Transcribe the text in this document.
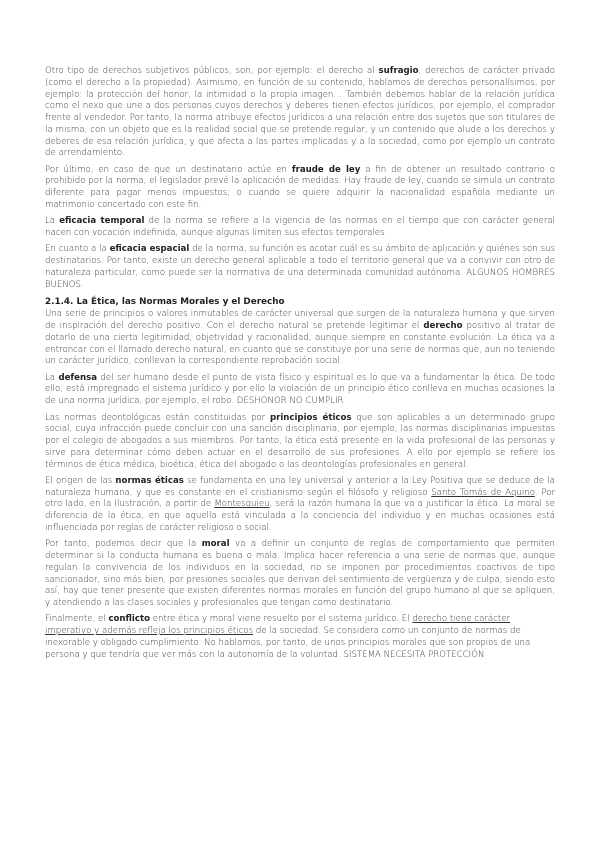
Otro tipo de derechos subjetivos públicos, son, por ejemplo: el derecho al sufragio, derechos de carácter privado (como el derecho a la propiedad). Asimismo, en función de su contenido, hablamos de derechos personalísimos, por ejemplo: la protección del honor, la intimidad o la propia imagen… También debemos hablar de la relación jurídica como el nexo que une a dos personas cuyos derechos y deberes tienen efectos jurídicos, por ejemplo, el comprador frente al vendedor. Por tanto, la norma atribuye efectos jurídicos a una relación entre dos sujetos que son titulares de la misma, con un objeto que es la realidad social que se pretende regular, y un contenido que alude a los derechos y deberes de esa relación jurídica, y que afecta a las partes implicadas y a la sociedad, como por ejemplo un contrato de arrendamiento.

Por último, en caso de que un destinatario actúe en fraude de ley a fin de obtener un resultado contrario o prohibido por la norma, el legislador prevé la aplicación de medidas. Hay fraude de ley, cuando se simula un contrato diferente para pagar menos impuestos; o cuando se quiere adquirir la nacionalidad española mediante un matrimonio concertado con este fin.

La eficacia temporal de la norma se refiere a la vigencia de las normas en el tiempo que con carácter general nacen con vocación indefinida, aunque algunas limiten sus efectos temporales.

En cuanto a la eficacia espacial de la norma, su función es acotar cuál es su ámbito de aplicación y quiénes son sus destinatarios. Por tanto, existe un derecho general aplicable a todo el territorio general que va a convivir con otro de naturaleza particular, como puede ser la normativa de una determinada comunidad autónoma. ALGUNOS HOMBRES BUENOS.

2.1.4. La Ética, las Normas Morales y el Derecho

Una serie de principios o valores inmutables de carácter universal que surgen de la naturaleza humana y que sirven de inspiración del derecho positivo. Con el derecho natural se pretende legitimar el derecho positivo al tratar de dotarlo de una cierta legitimidad, objetividad y racionalidad, aunque siempre en constante evolución. La ética va a entroncar con el llamado derecho natural, en cuanto que se constituye por una serie de normas que, aun no teniendo un carácter jurídico, conllevan la correspondiente reprobación social.

La defensa del ser humano desde el punto de vista físico y espiritual es lo que va a fundamentar la ética. De todo ello, está impregnado el sistema jurídico y por ello la violación de un principio ético conlleva en muchas ocasiones la de una norma jurídica, por ejemplo, el robo. DESHONOR NO CUMPLIR

Las normas deontológicas están constituidas por principios éticos que son aplicables a un determinado grupo social, cuya infracción puede concluir con una sanción disciplinaria, por ejemplo, las normas disciplinarias impuestas por el colegio de abogados a sus miembros. Por tanto, la ética está presente en la vida profesional de las personas y sirve para determinar cómo deben actuar en el desarrollo de sus profesiones. A ello por ejemplo se refiere los términos de ética médica, bioética, ética del abogado o las deontologías profesionales en general.

El origen de las normas éticas se fundamenta en una ley universal y anterior a la Ley Positiva que se deduce de la naturaleza humana, y que es constante en el cristianismo según el filósofo y religioso Santo Tomás de Aquino. Por otro lado, en la Ilustración, a partir de Montesquieu, será la razón humana la que va a justificar la ética. La moral se diferencia de la ética, en que aquella está vinculada a la conciencia del individuo y en muchas ocasiones está influenciada por reglas de carácter religioso o social.

Por tanto, podemos decir que la moral va a definir un conjunto de reglas de comportamiento que permiten determinar si la conducta humana es buena o mala. Implica hacer referencia a una serie de normas que, aunque regulan la convivencia de los individuos en la sociedad, no se imponen por procedimientos coactivos de tipo sancionador, sino más bien, por presiones sociales que derivan del sentimiento de vergüenza y de culpa, siendo esto así, hay que tener presente que existen diferentes normas morales en función del grupo humano al que se apliquen, y atendiendo a las clases sociales y profesionales que tengan como destinatario.

Finalmente, el conflicto entre ética y moral viene resuelto por el sistema jurídico. El derecho tiene carácter imperativo y además refleja los principios éticos de la sociedad. Se considera como un conjunto de normas de inexorable y obligado cumplimiento. No hablamos, por tanto, de unos principios morales que son propios de una persona y que tendría que ver más con la autonomía de la voluntad. SISTEMA NECESITA PROTECCIÓN
